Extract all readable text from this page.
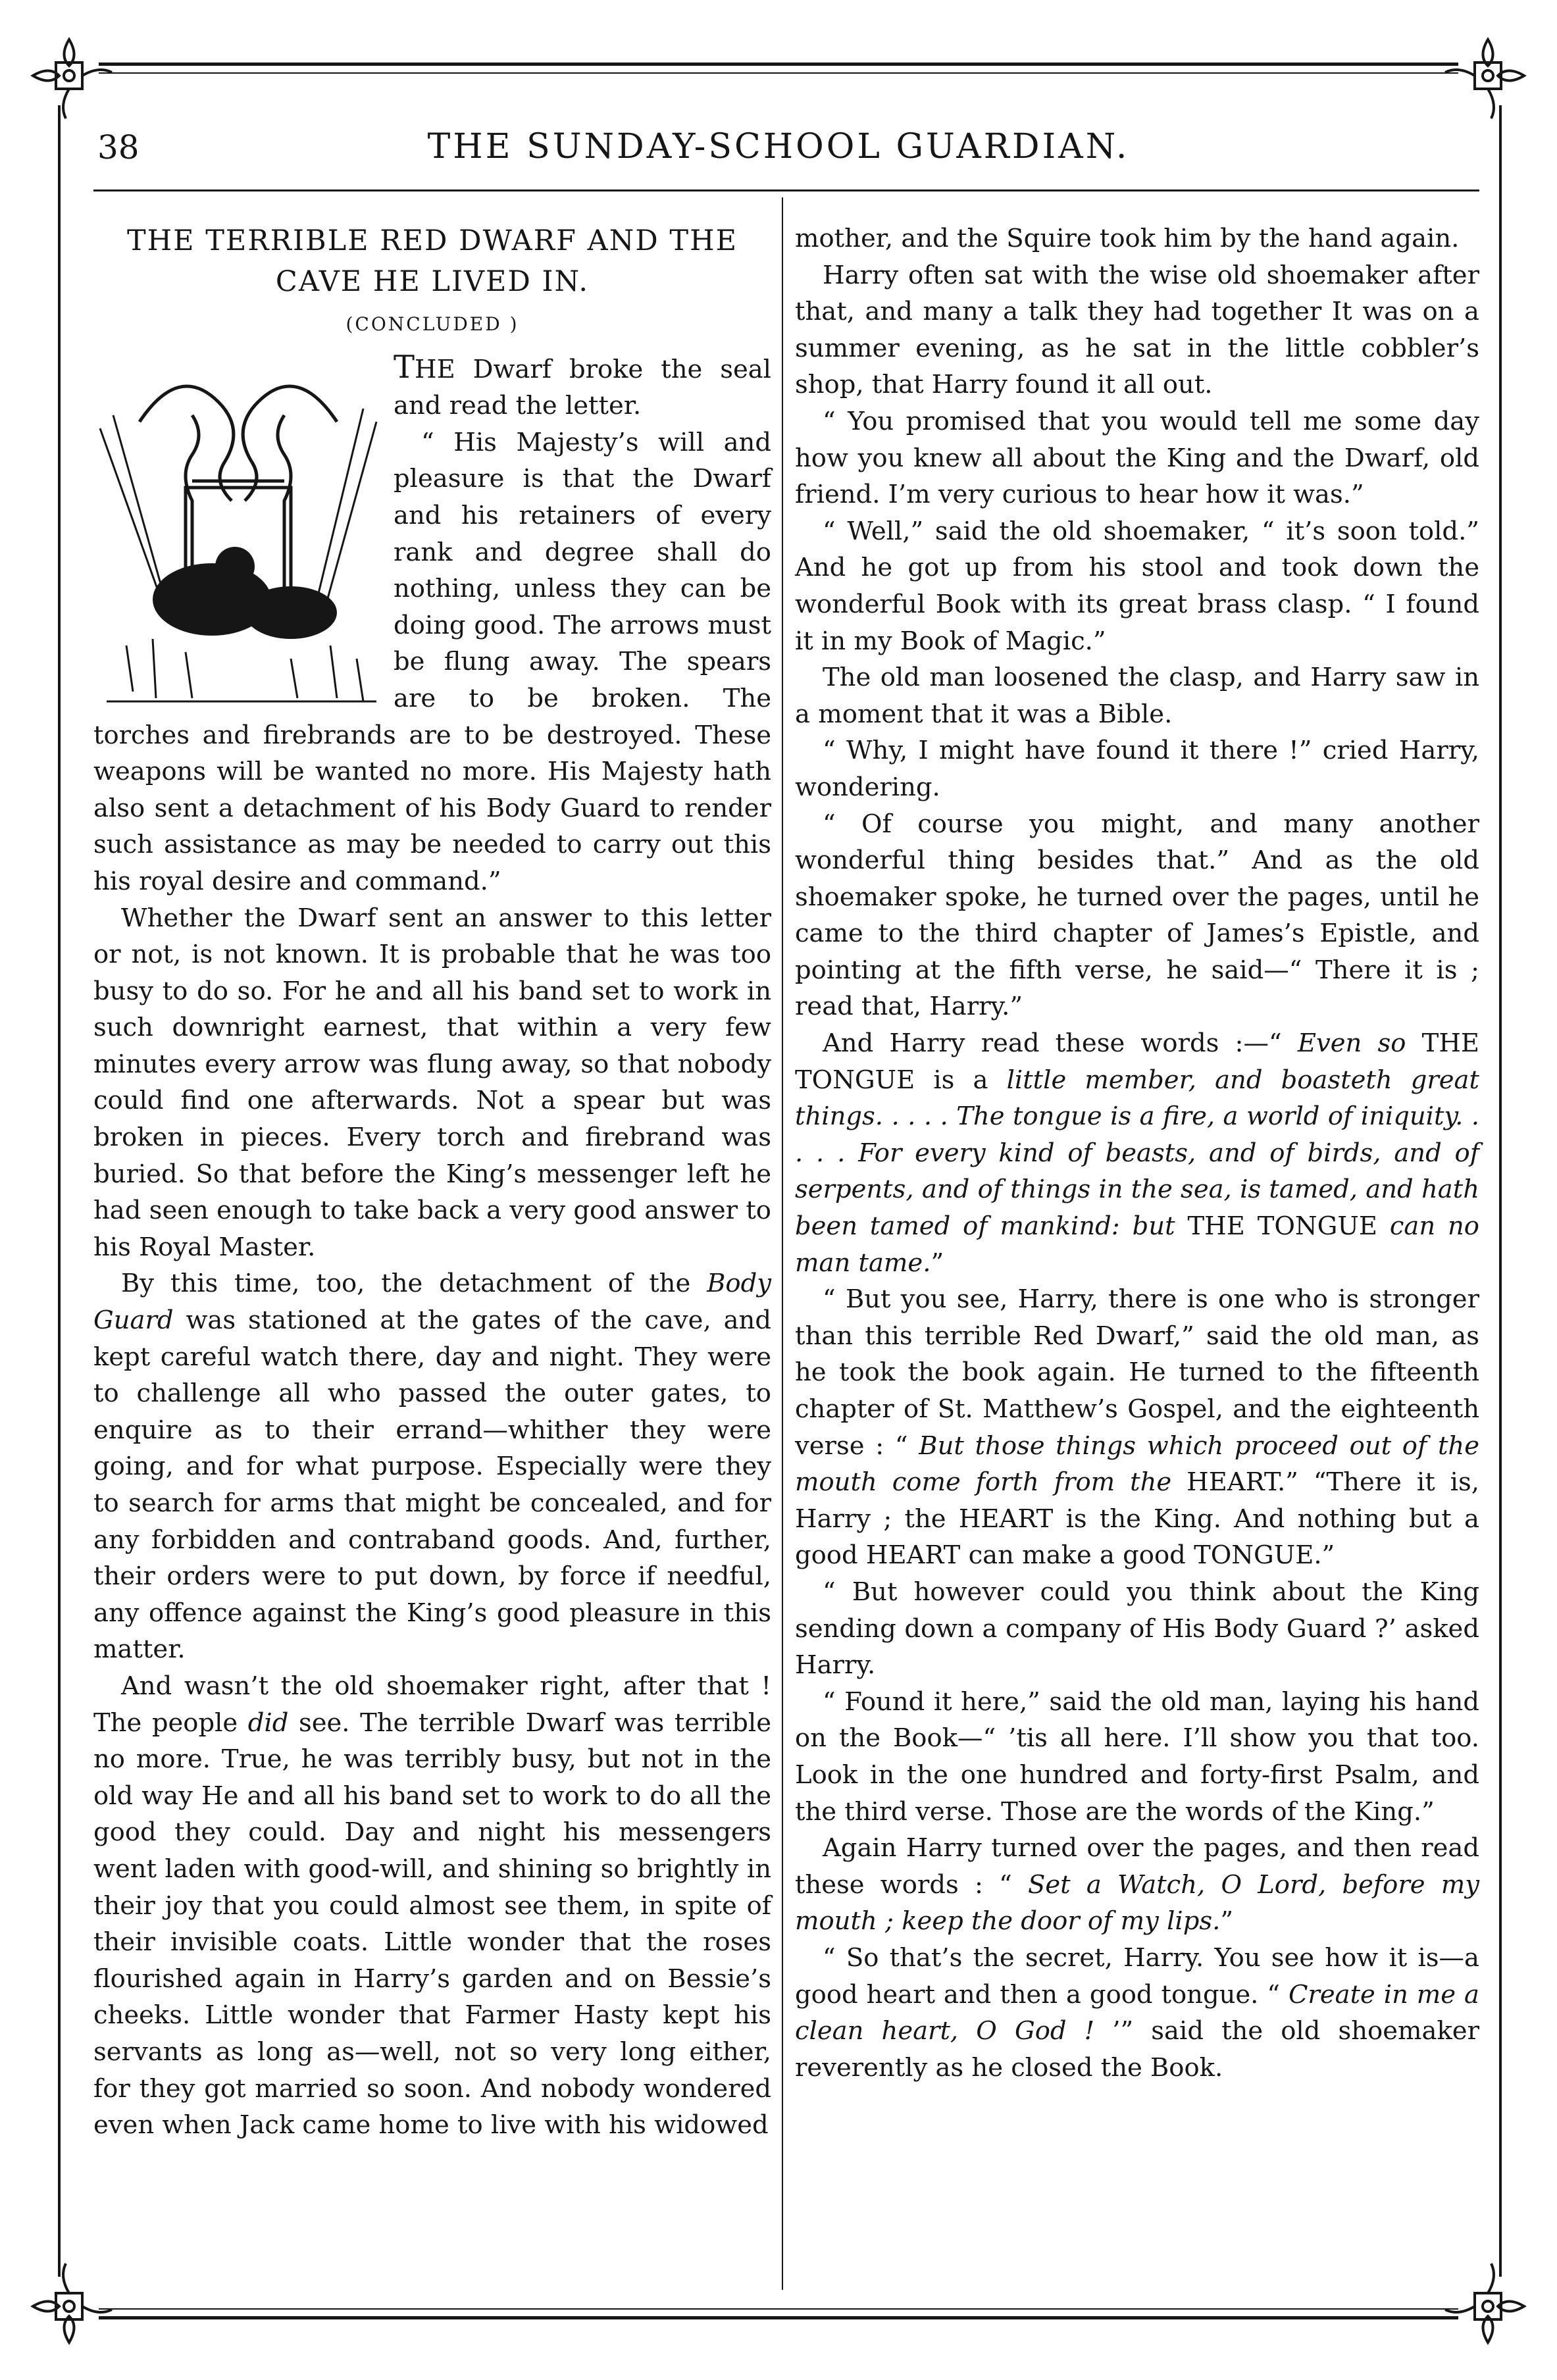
38	THE SUNDAY-SCHOOL GUARDIAN.
THE TERRIBLE RED DWARF AND THE
CAVE HE LIVED IN.
(CONCLUDED )

THE Dwarf broke the seal and read the letter.

“ His Majesty’s will and pleasure is that the Dwarf and his retainers of every rank and degree shall do nothing, unless they can be doing good. The arrows must be flung away. The spears are to be broken. The torches and firebrands are to be destroyed. These weapons will be wanted no more. His Majesty hath also sent a detachment of his Body Guard to render such assistance as may be needed to carry out this his royal desire and command.”

Whether the Dwarf sent an answer to this letter or not, is not known. It is probable that he was too busy to do so. For he and all his band set to work in such downright earnest, that within a very few minutes every arrow was flung away, so that nobody could find one afterwards. Not a spear but was broken in pieces. Every torch and firebrand was buried. So that before the King’s messenger left he had seen enough to take back a very good answer to his Royal Master.

By this time, too, the detachment of the Body Guard was stationed at the gates of the cave, and kept careful watch there, day and night. They were to challenge all who passed the outer gates, to enquire as to their errand—whither they were going, and for what purpose. Especially were they to search for arms that might be concealed, and for any forbidden and contraband goods. And, further, their orders were to put down, by force if needful, any offence against the King’s good pleasure in this matter.

And wasn’t the old shoemaker right, after that ! The people did see. The terrible Dwarf was terrible no more. True, he was terribly busy, but not in the old way He and all his band set to work to do all the good they could. Day and night his messengers went laden with good-will, and shining so brightly in their joy that you could almost see them, in spite of their invisible coats. Little wonder that the roses flourished again in Harry’s garden and on Bessie’s cheeks. Little wonder that Farmer Hasty kept his servants as long as—well, not so very long either, for they got married so soon. And nobody wondered even when Jack came home to live with his widowed

mother, and the Squire took him by the hand again.

Harry often sat with the wise old shoemaker after that, and many a talk they had together It was on a summer evening, as he sat in the little cobbler’s shop, that Harry found it all out.

“ You promised that you would tell me some day how you knew all about the King and the Dwarf, old friend. I’m very curious to hear how it was.”

“ Well,” said the old shoemaker, “ it’s soon told.” And he got up from his stool and took down the wonderful Book with its great brass clasp. “ I found it in my Book of Magic.”

The old man loosened the clasp, and Harry saw in a moment that it was a Bible.

“ Why, I might have found it there !” cried Harry, wondering.

“ Of course you might, and many another wonderful thing besides that.” And as the old shoemaker spoke, he turned over the pages, until he came to the third chapter of James’s Epistle, and pointing at the fifth verse, he said—“ There it is ; read that, Harry.”

And Harry read these words :—“ Even so THE TONGUE is a little member, and boasteth great things. . . . . The tongue is a fire, a world of iniquity. . . . . For every kind of beasts, and of birds, and of serpents, and of things in the sea, is tamed, and hath been tamed of mankind: but THE TONGUE can no man tame.”

“ But you see, Harry, there is one who is stronger than this terrible Red Dwarf,” said the old man, as he took the book again. He turned to the fifteenth chapter of St. Matthew’s Gospel, and the eighteenth verse : “ But those things which proceed out of the mouth come forth from the HEART.” “There it is, Harry ; the HEART is the King. And nothing but a good HEART can make a good TONGUE.”

“ But however could you think about the King sending down a company of His Body Guard ?’ asked Harry.

“ Found it here,” said the old man, laying his hand on the Book—“ ’tis all here. I’ll show you that too. Look in the one hundred and forty-first Psalm, and the third verse. Those are the words of the King.”

Again Harry turned over the pages, and then read these words : “ Set a Watch, O Lord, before my mouth ; keep the door of my lips.”

“ So that’s the secret, Harry. You see how it is—a good heart and then a good tongue. “ Create in me a clean heart, O God ! ’” said the old shoemaker reverently as he closed the Book.
